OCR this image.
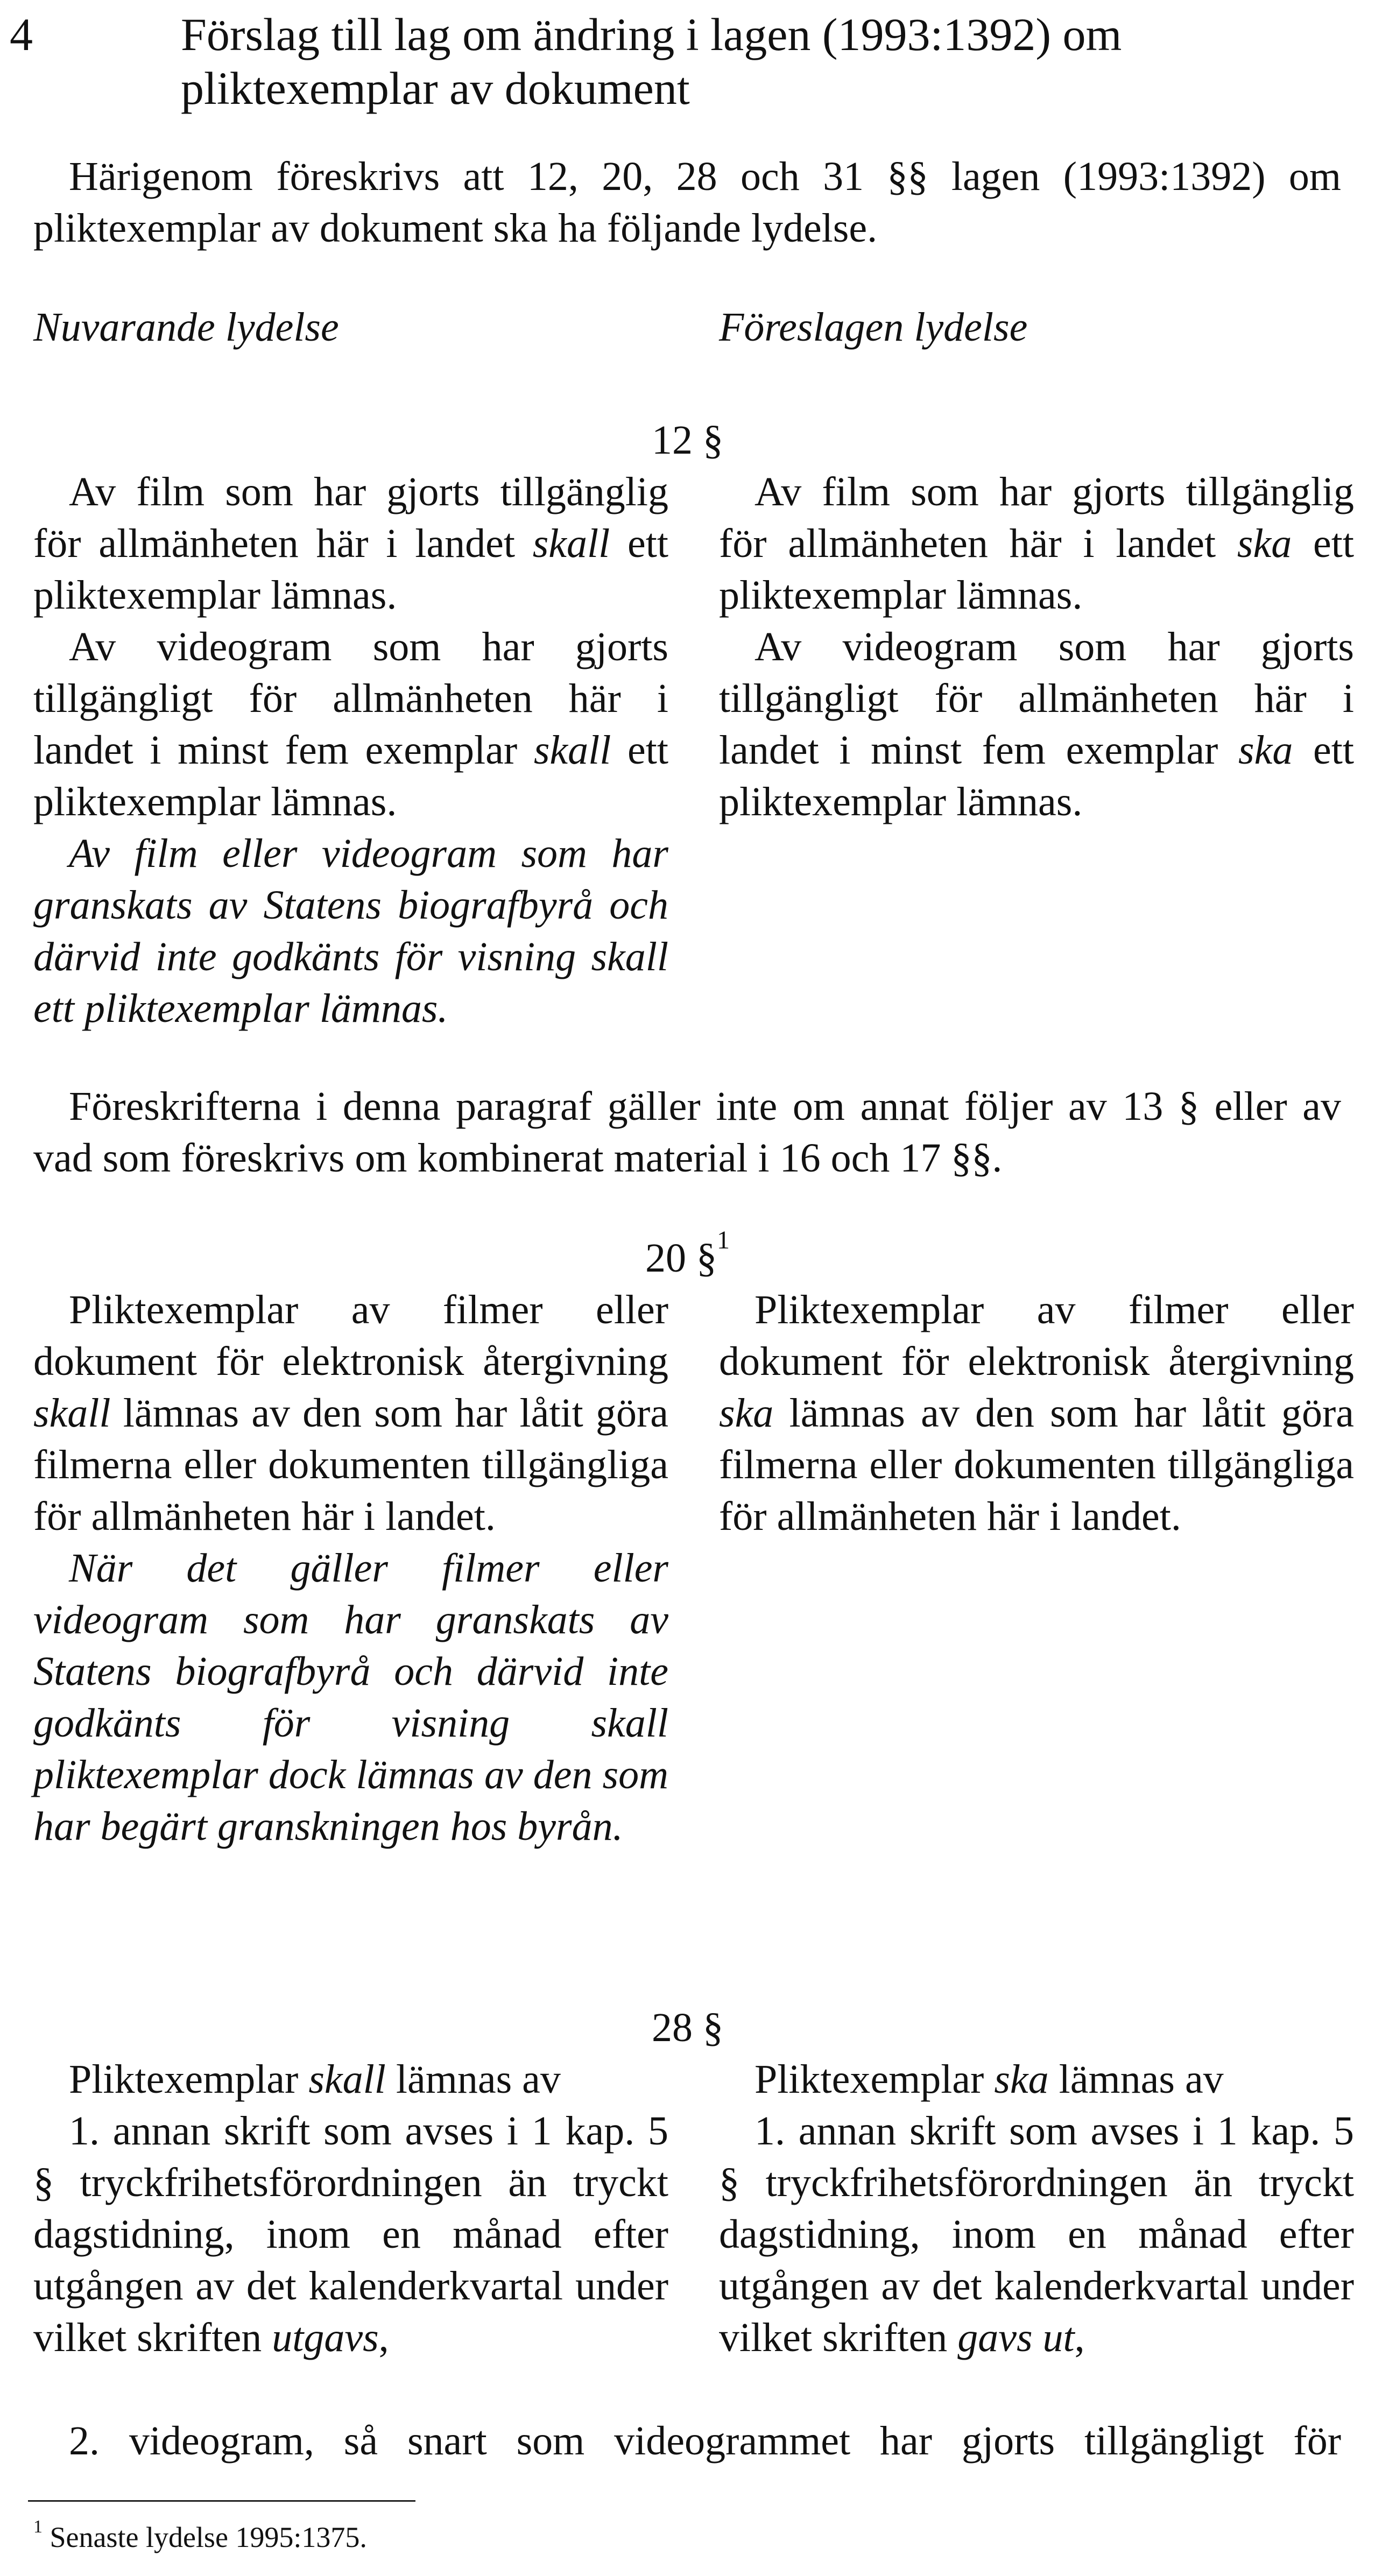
4	Förslag till lag om ändring i lagen (1993:1392) om pliktexemplar av dokument
Härigenom föreskrivs att 12, 20, 28 och 31 §§ lagen (1993:1392) om pliktexemplar av dokument ska ha följande lydelse.
Nuvarande lydelse	Föreslagen lydelse
12 §

Av film som har gjorts tillgänglig för allmänheten här i landet skall ett pliktexemplar lämnas.

Av videogram som har gjorts tillgängligt för allmänheten här i landet i minst fem exemplar skall ett pliktexemplar lämnas.

Av film eller videogram som har granskats av Statens biografbyrå och därvid inte godkänts för visning skall ett pliktexemplar lämnas.

Av film som har gjorts tillgänglig för allmänheten här i landet ska ett pliktexemplar lämnas.

Av videogram som har gjorts tillgängligt för allmänheten här i landet i minst fem exemplar ska ett pliktexemplar lämnas.

Föreskrifterna i denna paragraf gäller inte om annat följer av 13 § eller av vad som föreskrivs om kombinerat material i 16 och 17 §§.
20 §$^1$

Pliktexemplar av filmer eller dokument för elektronisk återgivning skall lämnas av den som har låtit göra filmerna eller dokumenten tillgängliga för allmänheten här i landet.

När det gäller filmer eller videogram som har granskats av Statens biografbyrå och därvid inte godkänts för visning skall pliktexemplar dock lämnas av den som har begärt granskningen hos byrån.

Pliktexemplar av filmer eller dokument för elektronisk återgivning ska lämnas av den som har låtit göra filmerna eller dokumenten tillgängliga för allmänheten här i landet.

28 §

Pliktexemplar skall lämnas av

1. annan skrift som avses i 1 kap. 5 § tryckfrihetsförordningen än tryckt dagstidning, inom en månad efter utgången av det kalenderkvartal under vilket skriften utgavs,

Pliktexemplar ska lämnas av

1. annan skrift som avses i 1 kap. 5 § tryckfrihetsförordningen än tryckt dagstidning, inom en månad efter utgången av det kalenderkvartal under vilket skriften gavs ut,

2. videogram, så snart som videogrammet har gjorts tillgängligt för
$^1$ Senaste lydelse 1995:1375.
